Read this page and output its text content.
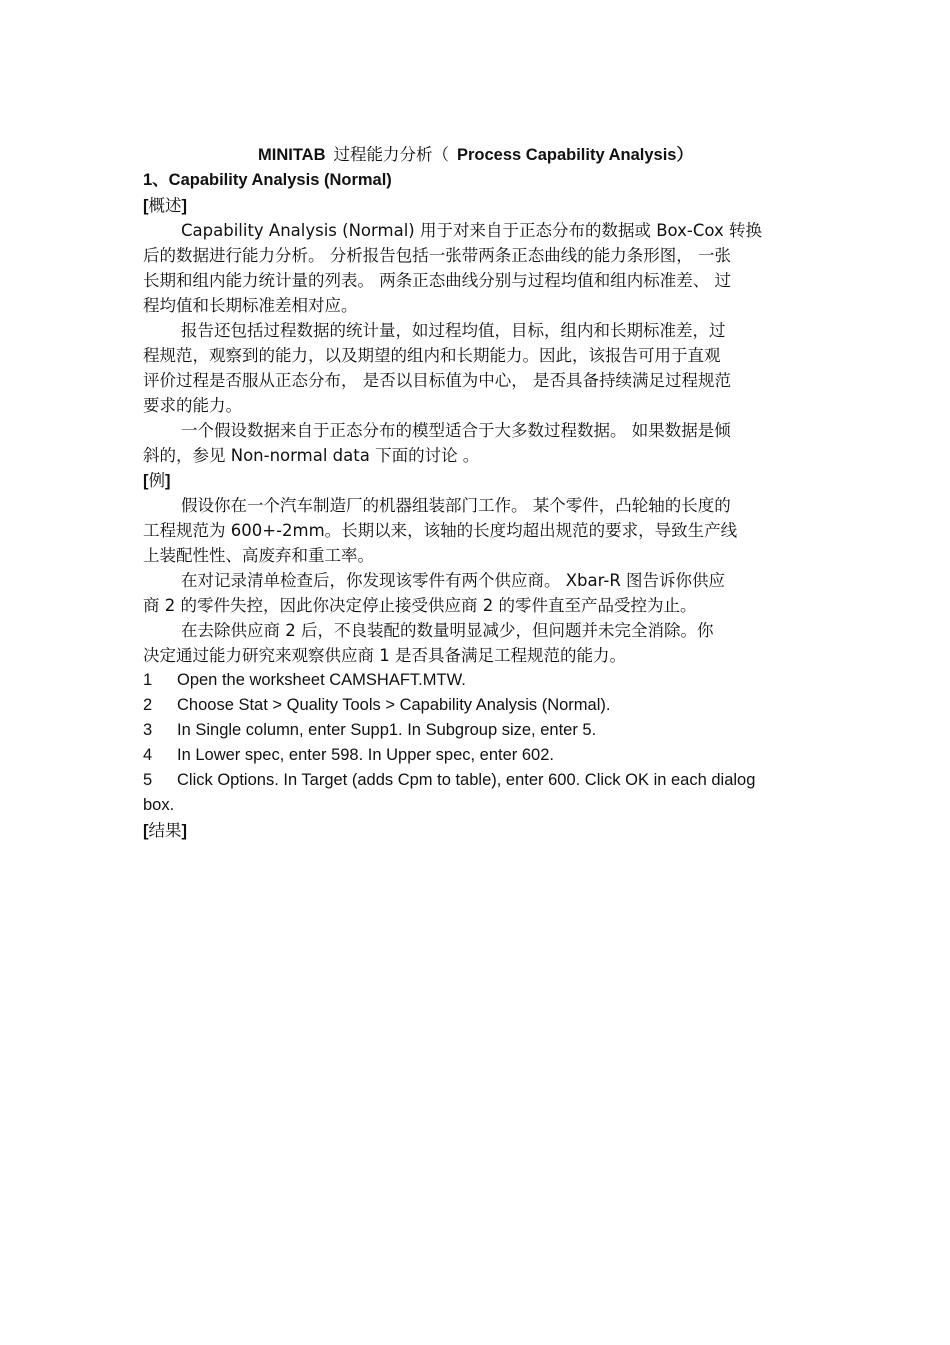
MINITAB 过程能力分析（ Process Capability Analysis）
1、Capability Analysis (Normal)
[概述]
Capability Analysis (Normal) 用于对来自于正态分布的数据或 Box-Cox 转换
后的数据进行能力分析。 分析报告包括一张带两条正态曲线的能力条形图， 一张
长期和组内能力统计量的列表。 两条正态曲线分别与过程均值和组内标准差、 过
程均值和长期标准差相对应。
报告还包括过程数据的统计量，如过程均值，目标，组内和长期标准差，过
程规范，观察到的能力，以及期望的组内和长期能力。因此，该报告可用于直观
评价过程是否服从正态分布， 是否以目标值为中心， 是否具备持续满足过程规范
要求的能力。
一个假设数据来自于正态分布的模型适合于大多数过程数据。 如果数据是倾
斜的，参见 Non-normal data 下面的讨论 。
[例]
假设你在一个汽车制造厂的机器组装部门工作。 某个零件，凸轮轴的长度的
工程规范为 600+-2mm。长期以来，该轴的长度均超出规范的要求，导致生产线
上装配性性、高废弃和重工率。
在对记录清单检查后，你发现该零件有两个供应商。 Xbar-R 图告诉你供应
商 2 的零件失控，因此你决定停止接受供应商 2 的零件直至产品受控为止。
在去除供应商 2 后，不良装配的数量明显减少，但问题并未完全消除。你
决定通过能力研究来观察供应商 1 是否具备满足工程规范的能力。
1	Open the worksheet CAMSHAFT.MTW.
2	Choose Stat > Quality Tools > Capability Analysis (Normal).
3	In Single column, enter Supp1. In Subgroup size, enter 5.
4	In Lower spec, enter 598. In Upper spec, enter 602.
5	Click Options. In Target (adds Cpm to table), enter 600. Click OK in each dialog
box.
[结果]
